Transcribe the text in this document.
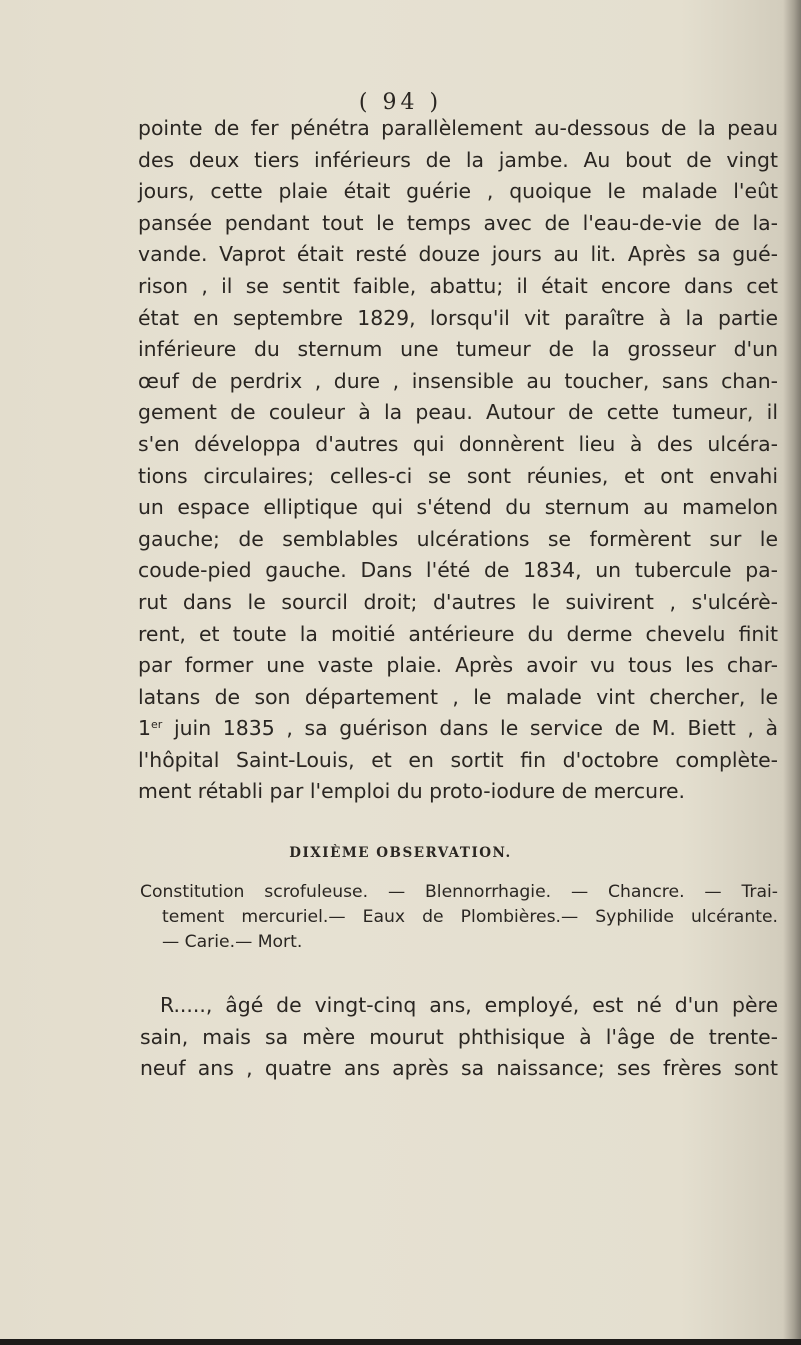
( 94 )
pointe de fer pénétra parallèlement au-dessous de la peau
des deux tiers inférieurs de la jambe. Au bout de vingt
jours, cette plaie était guérie , quoique le malade l'eût
pansée pendant tout le temps avec de l'eau-de-vie de la-
vande. Vaprot était resté douze jours au lit. Après sa gué-
rison , il se sentit faible, abattu; il était encore dans cet
état en septembre 1829, lorsqu'il vit paraître à la partie
inférieure du sternum une tumeur de la grosseur d'un
œuf de perdrix , dure , insensible au toucher, sans chan-
gement de couleur à la peau. Autour de cette tumeur, il
s'en développa d'autres qui donnèrent lieu à des ulcéra-
tions circulaires; celles-ci se sont réunies, et ont envahi
un espace elliptique qui s'étend du sternum au mamelon
gauche; de semblables ulcérations se formèrent sur le
coude-pied gauche. Dans l'été de 1834, un tubercule pa-
rut dans le sourcil droit; d'autres le suivirent , s'ulcérè-
rent, et toute la moitié antérieure du derme chevelu finit
par former une vaste plaie. Après avoir vu tous les char-
latans de son département , le malade vint chercher, le
1er juin 1835 , sa guérison dans le service de M. Biett , à
l'hôpital Saint-Louis, et en sortit fin d'octobre complète-
ment rétabli par l'emploi du proto-iodure de mercure.
DIXIÈME OBSERVATION.
Constitution scrofuleuse. — Blennorrhagie. — Chancre. — Trai-
tement mercuriel.— Eaux de Plombières.— Syphilide ulcérante.
— Carie.— Mort.
R....., âgé de vingt-cinq ans, employé, est né d'un père
sain, mais sa mère mourut phthisique à l'âge de trente-
neuf ans , quatre ans après sa naissance; ses frères sont
